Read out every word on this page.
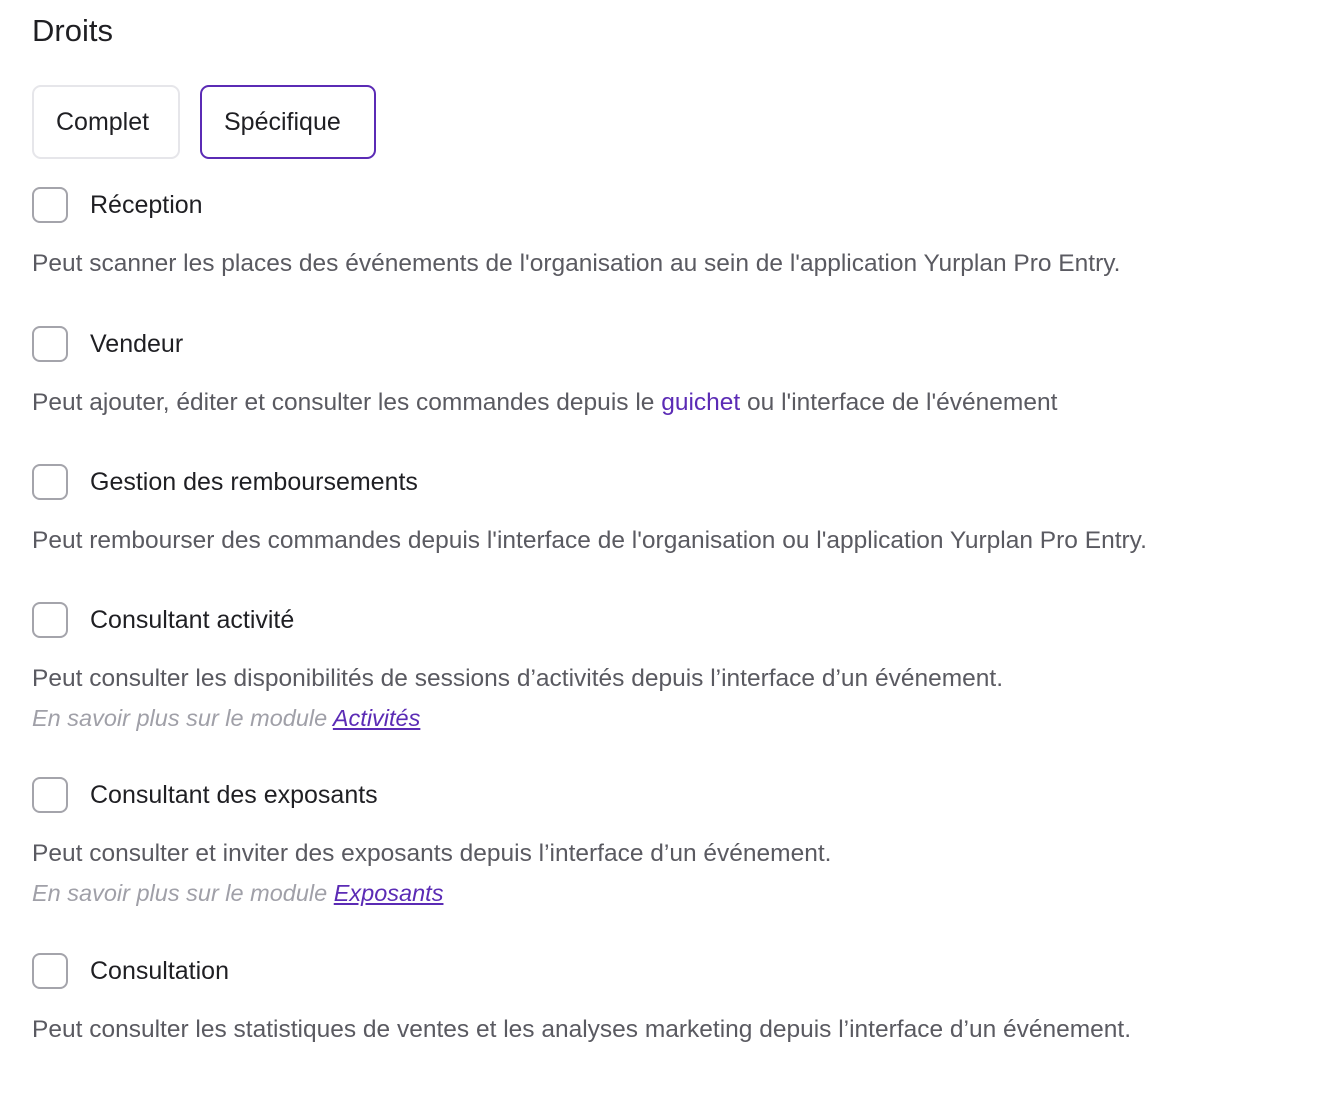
Droits
Complet	Spécifique
Réception
Peut scanner les places des événements de l'organisation au sein de l'application Yurplan Pro Entry.
Vendeur
Peut ajouter, éditer et consulter les commandes depuis le guichet ou l'interface de l'événement
Gestion des remboursements
Peut rembourser des commandes depuis l'interface de l'organisation ou l'application Yurplan Pro Entry.
Consultant activité
Peut consulter les disponibilités de sessions d’activités depuis l’interface d’un événement.
En savoir plus sur le module Activités
Consultant des exposants
Peut consulter et inviter des exposants depuis l’interface d’un événement.
En savoir plus sur le module Exposants
Consultation
Peut consulter les statistiques de ventes et les analyses marketing depuis l’interface d’un événement.
